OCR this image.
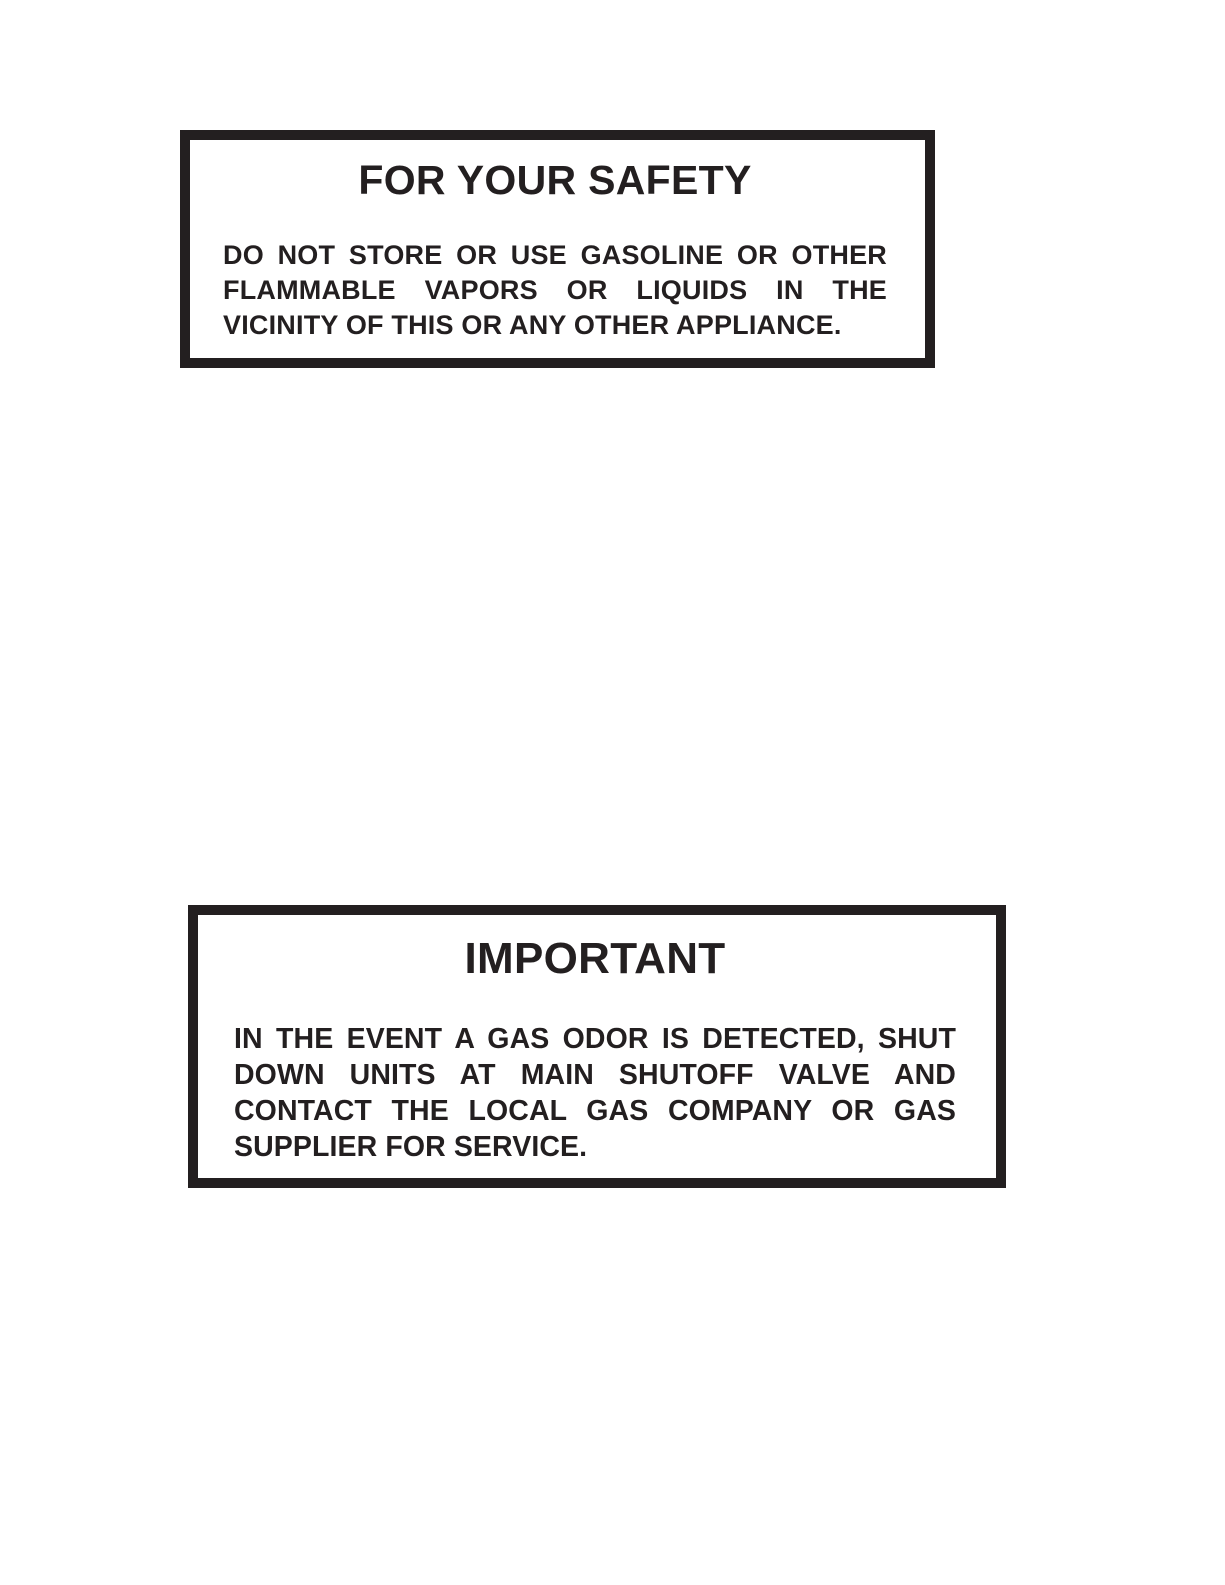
FOR YOUR SAFETY

DO NOT STORE OR USE GASOLINE OR OTHER FLAMMABLE VAPORS OR LIQUIDS IN THE VICINITY OF THIS OR ANY OTHER APPLIANCE.

IMPORTANT

IN THE EVENT A GAS ODOR IS DETECTED, SHUT DOWN UNITS AT MAIN SHUTOFF VALVE AND CONTACT THE LOCAL GAS COMPANY OR GAS SUPPLIER FOR SERVICE.
